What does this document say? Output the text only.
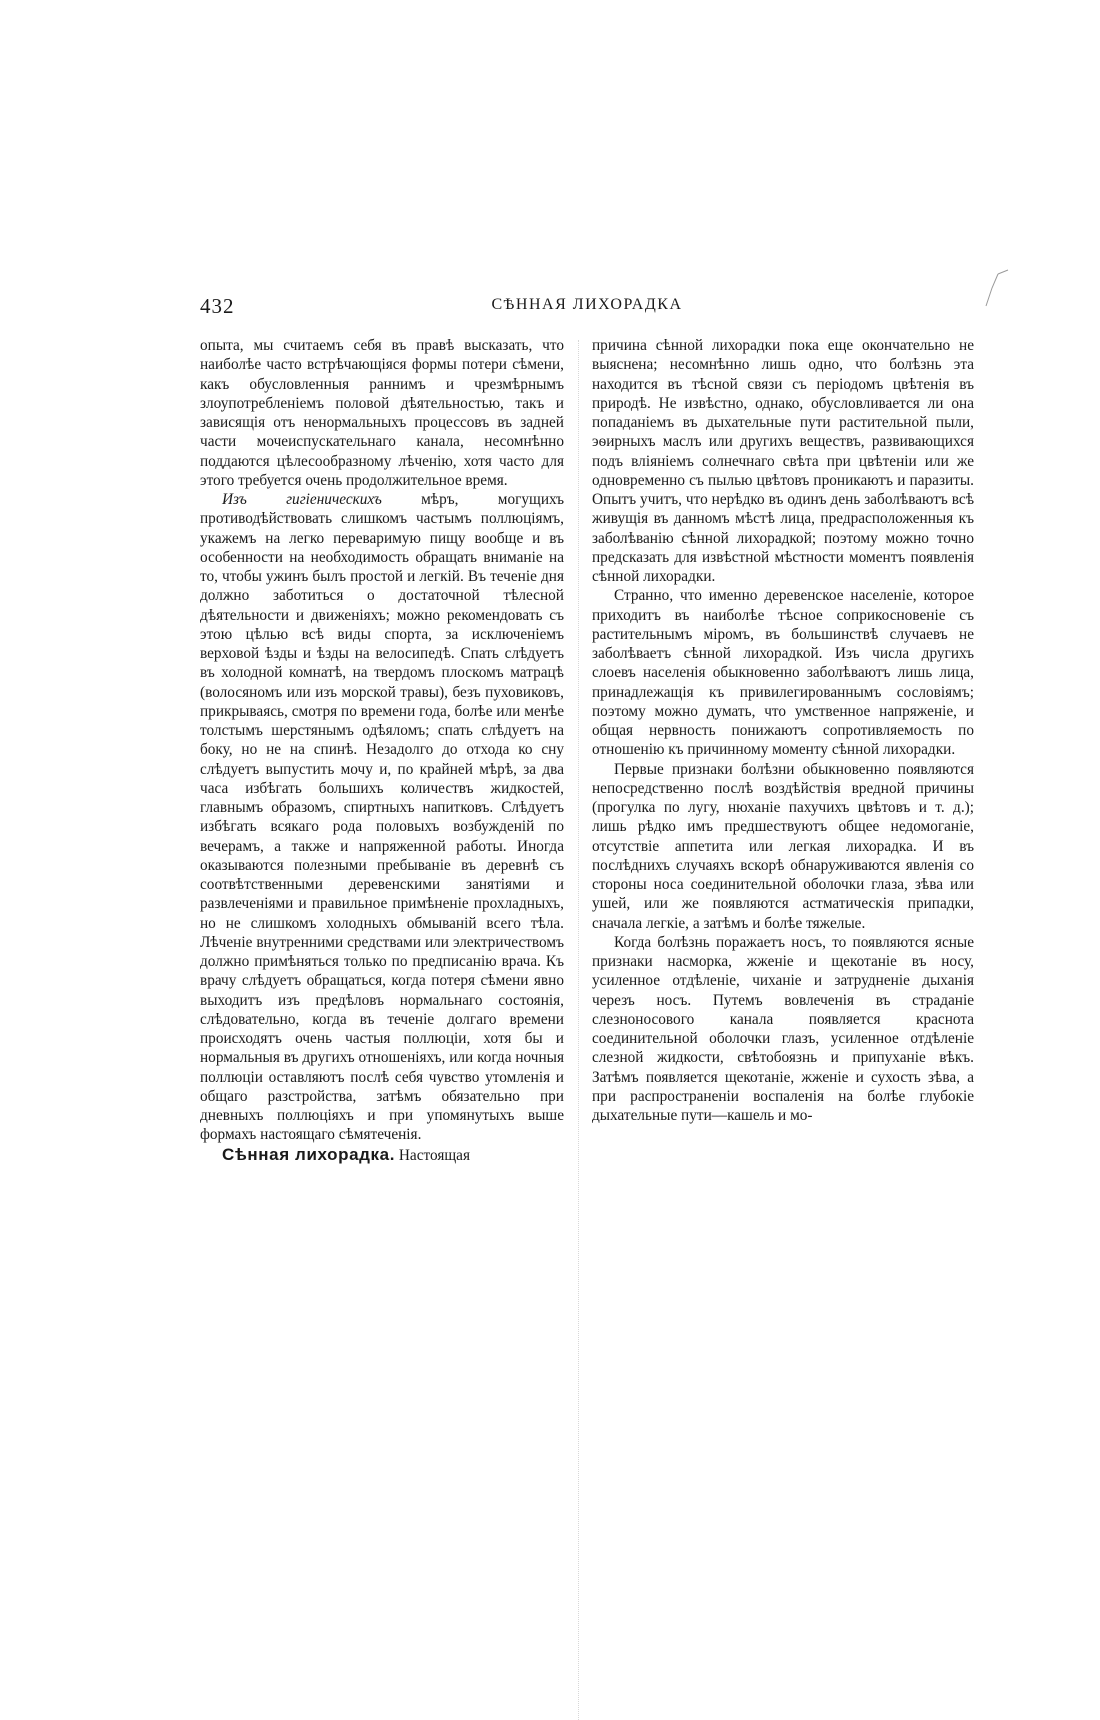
432	СѢННАЯ ЛИХОРАДКА

опыта, мы считаемъ себя въ правѣ высказать, что наиболѣе часто встрѣчающіяся формы потери сѣмени, какъ обусловленныя раннимъ и чрезмѣрнымъ злоупотребленіемъ половой дѣятельностью, такъ и зависящія отъ ненормальныхъ процессовъ въ задней части мочеиспускательнаго канала, несомнѣнно поддаются цѣлесообразному лѣченію, хотя часто для этого требуется очень продолжительное время.

Изъ гигіеническихъ мѣръ, могущихъ противодѣйствовать слишкомъ частымъ поллюціямъ, укажемъ на легко переваримую пищу вообще и въ особенности на необходимость обращать вниманіе на то, чтобы ужинъ былъ простой и легкій. Въ теченіе дня должно заботиться о достаточной тѣлесной дѣятельности и движеніяхъ; можно рекомендовать съ этою цѣлью всѣ виды спорта, за исключеніемъ верховой ѣзды и ѣзды на велосипедѣ. Спать слѣдуетъ въ холодной комнатѣ, на твердомъ плоскомъ матрацѣ (волосяномъ или изъ морской травы), безъ пуховиковъ, прикрываясь, смотря по времени года, болѣе или менѣе толстымъ шерстянымъ одѣяломъ; спать слѣдуетъ на боку, но не на спинѣ. Незадолго до отхода ко сну слѣдуетъ выпустить мочу и, по крайней мѣрѣ, за два часа избѣгать большихъ количествъ жидкостей, главнымъ образомъ, спиртныхъ напитковъ. Слѣдуетъ избѣгать всякаго рода половыхъ возбужденій по вечерамъ, а также и напряженной работы. Иногда оказываются полезными пребываніе въ деревнѣ съ соотвѣтственными деревенскими занятіями и развлеченіями и правильное примѣненіе прохладныхъ, но не слишкомъ холодныхъ обмываній всего тѣла. Лѣченіе внутренними средствами или электричествомъ должно примѣняться только по предписанію врача. Къ врачу слѣдуетъ обращаться, когда потеря сѣмени явно выходитъ изъ предѣловъ нормальнаго состоянія, слѣдовательно, когда въ теченіе долгаго времени происходятъ очень частыя поллюціи, хотя бы и нормальныя въ другихъ отношеніяхъ, или когда ночныя поллюціи оставляютъ послѣ себя чувство утомленія и общаго разстройства, затѣмъ обязательно при дневныхъ поллюціяхъ и при упомянутыхъ выше формахъ настоящаго сѣмятеченія.

Сѣнная лихорадка. Настоящая

причина сѣнной лихорадки пока еще окончательно не выяснена; несомнѣнно лишь одно, что болѣзнь эта находится въ тѣсной связи съ періодомъ цвѣтенія въ природѣ. Не извѣстно, однако, обусловливается ли она попаданіемъ въ дыхательные пути растительной пыли, эѳирныхъ маслъ или другихъ веществъ, развивающихся подъ вліяніемъ солнечнаго свѣта при цвѣтеніи или же одновременно съ пылью цвѣтовъ проникаютъ и паразиты. Опытъ учитъ, что нерѣдко въ одинъ день заболѣваютъ всѣ живущія въ данномъ мѣстѣ лица, предрасположенныя къ заболѣванію сѣнной лихорадкой; поэтому можно точно предсказать для извѣстной мѣстности моментъ появленія сѣнной лихорадки.

Странно, что именно деревенское населеніе, которое приходитъ въ наиболѣе тѣсное соприкосновеніе съ растительнымъ міромъ, въ большинствѣ случаевъ не заболѣваетъ сѣнной лихорадкой. Изъ числа другихъ слоевъ населенія обыкновенно заболѣваютъ лишь лица, принадлежащія къ привилегированнымъ сословіямъ; поэтому можно думать, что умственное напряженіе, и общая нервность понижаютъ сопротивляемость по отношенію къ причинному моменту сѣнной лихорадки.

Первые признаки болѣзни обыкновенно появляются непосредственно послѣ воздѣйствія вредной причины (прогулка по лугу, нюханіе пахучихъ цвѣтовъ и т. д.); лишь рѣдко имъ предшествуютъ общее недомоганіе, отсутствіе аппетита или легкая лихорадка. И въ послѣднихъ случаяхъ вскорѣ обнаруживаются явленія со стороны носа соединительной оболочки глаза, зѣва или ушей, или же появляются астматическія припадки, сначала легкіе, а затѣмъ и болѣе тяжелые.

Когда болѣзнь поражаетъ носъ, то появляются ясные признаки насморка, жженіе и щекотаніе въ носу, усиленное отдѣленіе, чиханіе и затрудненіе дыханія черезъ носъ. Путемъ вовлеченія въ страданіе слезноносового канала появляется краснота соединительной оболочки глазъ, усиленное отдѣленіе слезной жидкости, свѣтобоязнь и припуханіе вѣкъ. Затѣмъ появляется щекотаніе, жженіе и сухость зѣва, а при распространеніи воспаленія на болѣе глубокіе дыхательные пути—кашель и мо-
